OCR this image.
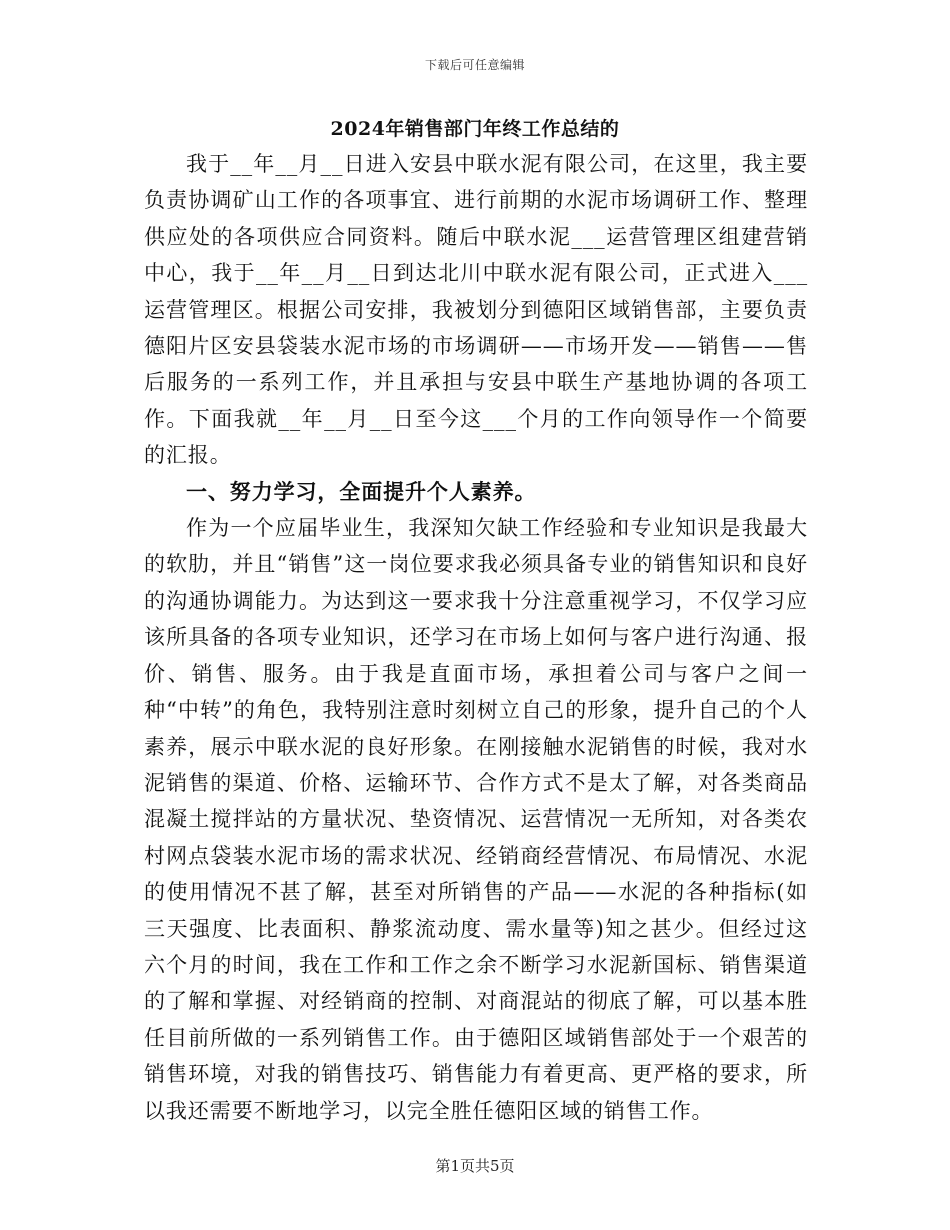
下载后可任意编辑
2024年销售部门年终工作总结的

我于__年__月__日进入安县中联水泥有限公司，在这里，我主要负责协调矿山工作的各项事宜、进行前期的水泥市场调研工作、整理供应处的各项供应合同资料。随后中联水泥___运营管理区组建营销中心，我于__年__月__日到达北川中联水泥有限公司，正式进入___运营管理区。根据公司安排，我被划分到德阳区域销售部，主要负责德阳片区安县袋装水泥市场的市场调研——市场开发——销售——售后服务的一系列工作，并且承担与安县中联生产基地协调的各项工作。下面我就__年__月__日至今这___个月的工作向领导作一个简要的汇报。

一、努力学习，全面提升个人素养。

作为一个应届毕业生，我深知欠缺工作经验和专业知识是我最大的软肋，并且“销售”这一岗位要求我必须具备专业的销售知识和良好的沟通协调能力。为达到这一要求我十分注意重视学习，不仅学习应该所具备的各项专业知识，还学习在市场上如何与客户进行沟通、报价、销售、服务。由于我是直面市场，承担着公司与客户之间一种“中转”的角色，我特别注意时刻树立自己的形象，提升自己的个人素养，展示中联水泥的良好形象。在刚接触水泥销售的时候，我对水泥销售的渠道、价格、运输环节、合作方式不是太了解，对各类商品混凝土搅拌站的方量状况、垫资情况、运营情况一无所知，对各类农村网点袋装水泥市场的需求状况、经销商经营情况、布局情况、水泥的使用情况不甚了解，甚至对所销售的产品——水泥的各种指标(如三天强度、比表面积、静浆流动度、需水量等)知之甚少。但经过这六个月的时间，我在工作和工作之余不断学习水泥新国标、销售渠道的了解和掌握、对经销商的控制、对商混站的彻底了解，可以基本胜任目前所做的一系列销售工作。由于德阳区域销售部处于一个艰苦的销售环境，对我的销售技巧、销售能力有着更高、更严格的要求，所以我还需要不断地学习，以完全胜任德阳区域的销售工作。

第1页共5页
